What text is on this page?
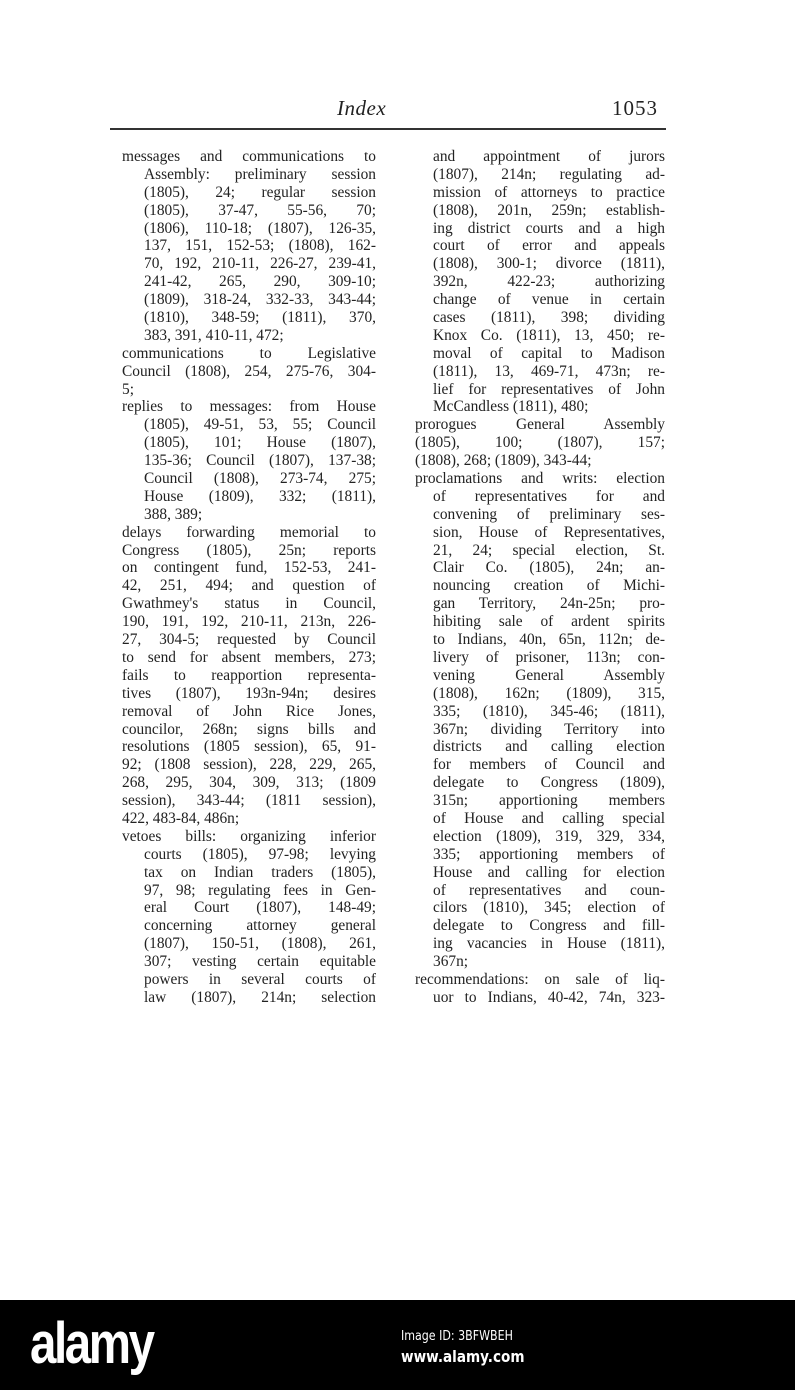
Index	1053
messages and communications to
Assembly: preliminary session
(1805), 24; regular session
(1805), 37-47, 55-56, 70;
(1806), 110-18; (1807), 126-35,
137, 151, 152-53; (1808), 162-
70, 192, 210-11, 226-27, 239-41,
241-42, 265, 290, 309-10;
(1809), 318-24, 332-33, 343-44;
(1810), 348-59; (1811), 370,
383, 391, 410-11, 472;
communications to Legislative
Council (1808), 254, 275-76, 304-
5;
replies to messages: from House
(1805), 49-51, 53, 55; Council
(1805), 101; House (1807),
135-36; Council (1807), 137-38;
Council (1808), 273-74, 275;
House (1809), 332; (1811),
388, 389;
delays forwarding memorial to
Congress (1805), 25n; reports
on contingent fund, 152-53, 241-
42, 251, 494; and question of
Gwathmey's status in Council,
190, 191, 192, 210-11, 213n, 226-
27, 304-5; requested by Council
to send for absent members, 273;
fails to reapportion representa-
tives (1807), 193n-94n; desires
removal of John Rice Jones,
councilor, 268n; signs bills and
resolutions (1805 session), 65, 91-
92; (1808 session), 228, 229, 265,
268, 295, 304, 309, 313; (1809
session), 343-44; (1811 session),
422, 483-84, 486n;
vetoes bills: organizing inferior
courts (1805), 97-98; levying
tax on Indian traders (1805),
97, 98; regulating fees in Gen-
eral Court (1807), 148-49;
concerning attorney general
(1807), 150-51, (1808), 261,
307; vesting certain equitable
powers in several courts of
law (1807), 214n; selection
and appointment of jurors
(1807), 214n; regulating ad-
mission of attorneys to practice
(1808), 201n, 259n; establish-
ing district courts and a high
court of error and appeals
(1808), 300-1; divorce (1811),
392n, 422-23; authorizing
change of venue in certain
cases (1811), 398; dividing
Knox Co. (1811), 13, 450; re-
moval of capital to Madison
(1811), 13, 469-71, 473n; re-
lief for representatives of John
McCandless (1811), 480;
prorogues General Assembly
(1805), 100; (1807), 157;
(1808), 268; (1809), 343-44;
proclamations and writs: election
of representatives for and
convening of preliminary ses-
sion, House of Representatives,
21, 24; special election, St.
Clair Co. (1805), 24n; an-
nouncing creation of Michi-
gan Territory, 24n-25n; pro-
hibiting sale of ardent spirits
to Indians, 40n, 65n, 112n; de-
livery of prisoner, 113n; con-
vening General Assembly
(1808), 162n; (1809), 315,
335; (1810), 345-46; (1811),
367n; dividing Territory into
districts and calling election
for members of Council and
delegate to Congress (1809),
315n; apportioning members
of House and calling special
election (1809), 319, 329, 334,
335; apportioning members of
House and calling for election
of representatives and coun-
cilors (1810), 345; election of
delegate to Congress and fill-
ing vacancies in House (1811),
367n;
recommendations: on sale of liq-
uor to Indians, 40-42, 74n, 323-
alamy	Image ID: 3BFWBEH
www.alamy.com
